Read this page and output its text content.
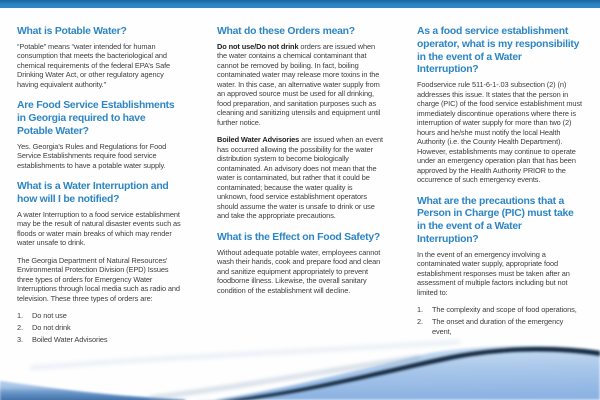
What is Potable Water?

“Potable” means “water intended for human consumption that meets the bacteriological and chemical requirements of the federal EPA’s Safe Drinking Water Act, or other regulatory agency having equivalent authority.”

Are Food Service Establishments in Georgia required to have Potable Water?

Yes. Georgia’s Rules and Regulations for Food Service Establishments require food service establishments to have a potable water supply.

What is a Water Interruption and how will I be notified?

A water Interruption to a food service establishment may be the result of natural disaster events such as floods or water main breaks of which may render water unsafe to drink.

The Georgia Department of Natural Resources’ Environmental Protection Division (EPD) Issues three types of orders for Emergency Water Interruptions through local media such as radio and television. These three types of orders are:

Do not use
Do not drink
Boiled Water Advisories
What do these Orders mean?

Do not use/Do not drink orders are issued when the water contains a chemical contaminant that cannot be removed by boiling. In fact, boiling contaminated water may release more toxins in the water. In this case, an alternative water supply from an approved source must be used for all drinking, food preparation, and sanitation purposes such as cleaning and sanitizing utensils and equipment until further notice.

Boiled Water Advisories are issued when an event has occurred allowing the possibility for the water distribution system to become biologically contaminated. An advisory does not mean that the water is contaminated, but rather that it could be contaminated; because the water quality is unknown, food service establishment operators should assume the water is unsafe to drink or use and take the appropriate precautions.

What is the Effect on Food Safety?

Without adequate potable water, employees cannot wash their hands, cook and prepare food and clean and sanitize equipment appropriately to prevent foodborne illness. Likewise, the overall sanitary condition of the establishment will decline.

As a food service establishment operator, what is my responsibility in the event of a Water Interruption?

Foodservice rule 511-6-1-.03 subsection (2) (n) addresses this issue. It states that the person in charge (PIC) of the food service establishment must immediately discontinue operations where there is interruption of water supply for more than two (2) hours and he/she must notify the local Health Authority (i.e. the County Health Department). However, establishments may continue to operate under an emergency operation plan that has been approved by the Health Authority PRIOR to the occurrence of such emergency events.

What are the precautions that a Person in Charge (PIC) must take in the event of a Water Interruption?

In the event of an emergency involving a contaminated water supply, appropriate food establishment responses must be taken after an assessment of multiple factors including but not limited to:

The complexity and scope of food operations,
The onset and duration of the emergency event,
